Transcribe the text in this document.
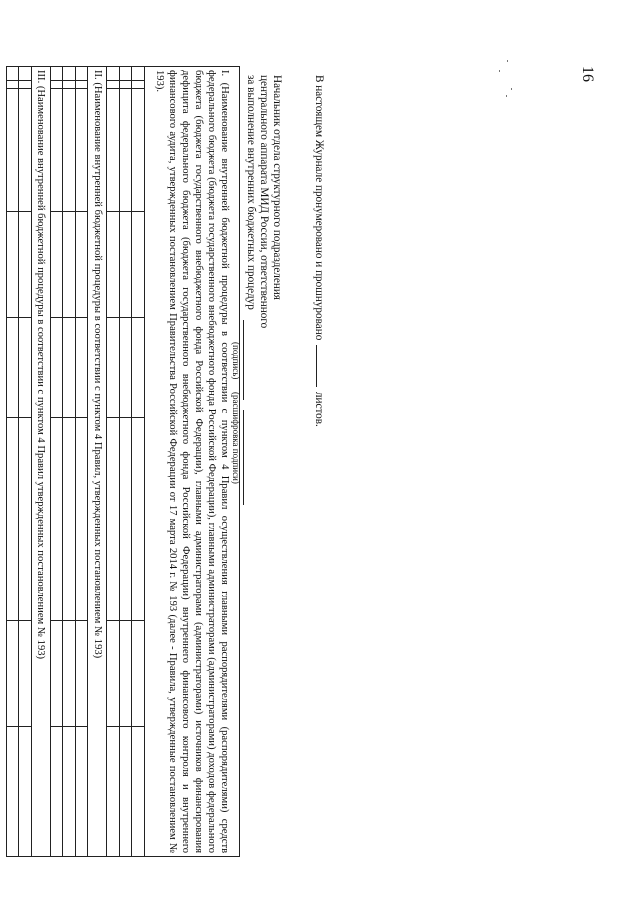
16
I. (Наименование внутренней бюджетной процедуры в соответствии с пунктом 4 Правил осуществления главными распорядителями (распорядителями) средств федерального бюджета (бюджета государственного внебюджетного фонда Российской Федерации), главными администраторами (администраторами) доходов федерального бюджета (бюджета государственного внебюджетного фонда Российской Федерации), главными администраторами (администраторами) источников финансирования дефицита федерального бюджета (бюджета государственного внебюджетного фонда Российской Федерации) внутреннего финансового контроля и внутреннего финансового аудита, утвержденных постановлением Правительства Российской Федерации от 17 марта 2014 г. № 193 (далее - Правила, утвержденные постановлением № 193).							

II. (Наименование внутренней бюджетной процедуры в соответствии с пунктом 4 Правил, утвержденных постановлением № 193)							

III. (Наименование внутренней бюджетной процедуры в соответствии с пунктом 4 Правил утвержденных постановлением № 193)							

								В настоящем Журнале пронумеровано и прошнуровано  листов.
Начальник отдела структурного подразделения
центрального аппарата МИД России, ответственного
за выполнение внутренних бюджетных процедур
(подпись)
(расшифровка подписи)
